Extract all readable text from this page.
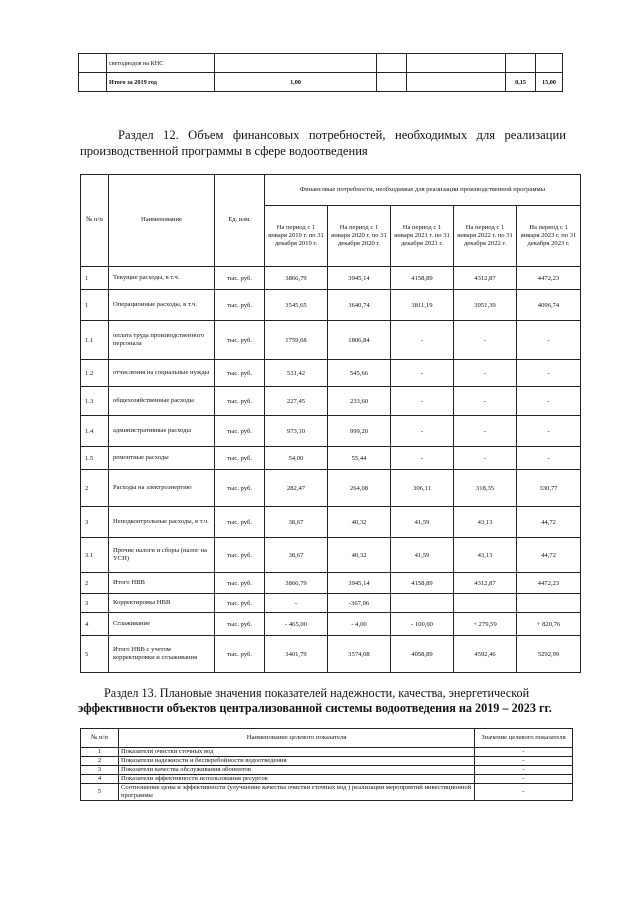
	светодиодов на КНС					
	Итого за 2019 год	1,00			0,15	15,00
Раздел 12. Объем финансовых потребностей, необходимых для реализации
производственной программы в сфере водоотведения
№ п/п	Наименование	Ед. изм.	Финансовые потребности, необходимые для реализации производственной программы				
			На период с 1 января 2019 г. по 31 декабря 2019 г.	На период с 1 января 2020 г. по 31 декабря 2020 г.	На период с 1 января 2021 г. по 31 декабря 2021 г.	На период с 1 января 2022 г. по 31 декабря 2022 г.	На период с 1 января 2023 г. по 31 декабря 2023 г.
1	Текущие расходы, в т.ч.	тыс. руб.	3866,79	3945,14	4158,89	4312,87	4472,23
1	Операционные расходы, в т.ч.	тыс. руб.	3545,65	3640,74	3811,19	3951,39	4096,74
1.1	оплата труда производственного персонала	тыс. руб.	1759,68	1806,84	-	-	-
1.2	отчисления на социальные нужды	тыс. руб.	531,42	545,66	-	-	-
1.3	общехозяйственные расходы	тыс. руб.	227,45	233,60	-	-	-
1.4	административные расходы	тыс. руб.	973,10	999,20	-	-	-
1.5	ремонтные расходы	тыс. руб.	54,00	55,44	-	-	-
2	Расходы на электроэнергию	тыс. руб.	282,47	264,08	306,11	318,35	330,77
3	Неподконтрольные расходы, в т.ч.	тыс. руб.	38,67	40,32	41,59	43,13	44,72
3.1	Прочие налоги и сборы (налог на УСН)	тыс. руб.	38,67	40,32	41,59	43,13	44,72
2	Итого НВВ	тыс. руб.	3866,79	3945,14	4158,89	4312,87	4472,23
3	Корректировка НВВ	тыс. руб.	-	-367,06			
4	Сглаживание	тыс. руб.	- 465,00	- 4,00	- 100,00	+ 279,59	+ 820,76
5	Итого НВВ с учетом корректировки и сглаживания	тыс. руб.	3401,79	3574,08	4058,89	4592,46	5292,99
Раздел 13. Плановые значения показателей надежности, качества, энергетической
эффективности объектов централизованной системы водоотведения на 2019 – 2023 гг.
№ п/п	Наименование целевого показателя	Значение целевого показателя
1	Показатели очистки сточных вод	-
2	Показатели надежности и бесперебойности водоотведения	-
3	Показатели качества обслуживания абонентов	-
4	Показатели эффективности использования ресурсов	-
5	Соотношение цены и эффективности (улучшение качества очистки сточных вод ) реализации мероприятий инвестиционной программы	-
